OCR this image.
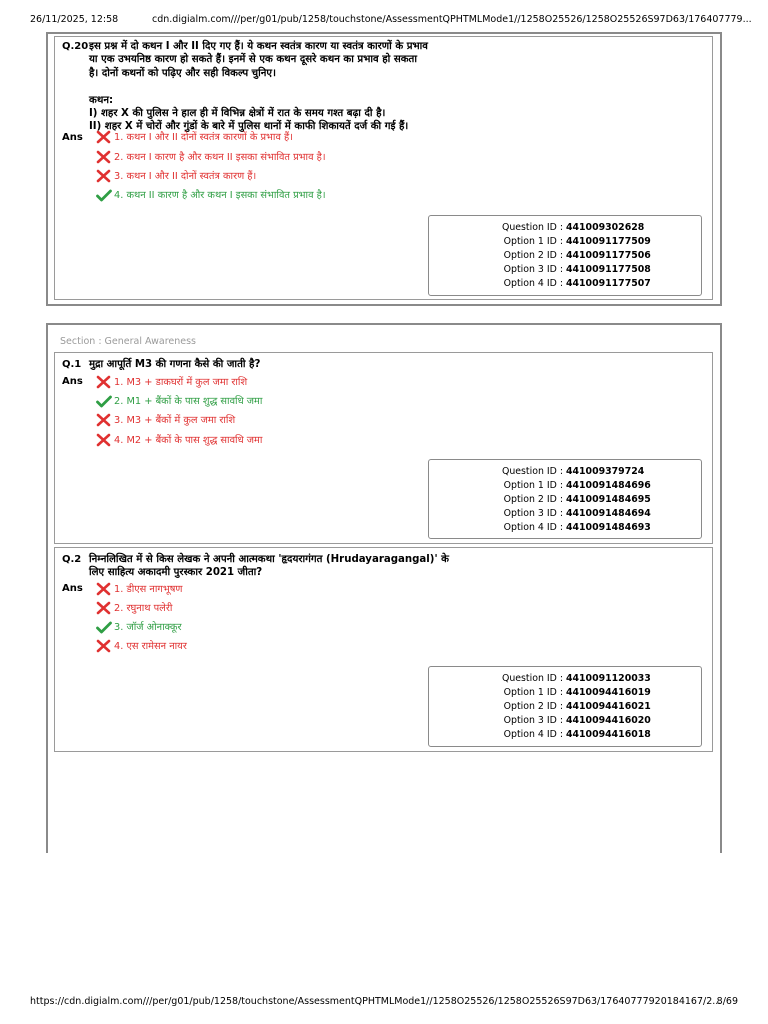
26/11/2025, 12:58	cdn.digialm.com///per/g01/pub/1258/touchstone/AssessmentQPHTMLMode1//1258O25526/1258O25526S97D63/176407779...
Q.20 इस प्रश्न में दो कथन I और II दिए गए हैं। ये कथन स्वतंत्र कारण या स्वतंत्र कारणों के प्रभाव
या एक उभयनिष्ठ कारण हो सकते हैं। इनमें से एक कथन दूसरे कथन का प्रभाव हो सकता
है। दोनों कथनों को पढ़िए और सही विकल्प चुनिए।
कथन:
I) शहर X की पुलिस ने हाल ही में विभिन्न क्षेत्रों में रात के समय गश्त बढ़ा दी है।
II) शहर X में चोरों और गुंडों के बारे में पुलिस थानों में काफी शिकायतें दर्ज की गई हैं।
Ans	1. कथन I और II दोनों स्वतंत्र कारणों के प्रभाव हैं।
2. कथन I कारण है और कथन II इसका संभावित प्रभाव है।
3. कथन I और II दोनों स्वतंत्र कारण हैं।
4. कथन II कारण है और कथन I इसका संभावित प्रभाव है।
Question ID : 441009302628
Option 1 ID : 4410091177509
Option 2 ID : 4410091177506
Option 3 ID : 4410091177508
Option 4 ID : 4410091177507
Section : General Awareness
Q.1 मुद्रा आपूर्ति M3 की गणना कैसे की जाती है?
Ans	1. M3 + डाकघरों में कुल जमा राशि
2. M1 + बैंकों के पास शुद्ध सावधि जमा
3. M3 + बैंकों में कुल जमा राशि
4. M2 + बैंकों के पास शुद्ध सावधि जमा
Question ID : 441009379724
Option 1 ID : 4410091484696
Option 2 ID : 4410091484695
Option 3 ID : 4410091484694
Option 4 ID : 4410091484693
Q.2 निम्नलिखित में से किस लेखक ने अपनी आत्मकथा 'हृदयरागंगत (Hrudayaragangal)' के
लिए साहित्य अकादमी पुरस्कार 2021 जीता?
Ans	1. डीएस नागभूषण
2. रघुनाथ पलेरी
3. जॉर्ज ओनाक्कूर
4. एस रामेसन नायर
Question ID : 4410091120033
Option 1 ID : 4410094416019
Option 2 ID : 4410094416021
Option 3 ID : 4410094416020
Option 4 ID : 4410094416018
https://cdn.digialm.com///per/g01/pub/1258/touchstone/AssessmentQPHTMLMode1//1258O25526/1258O25526S97D63/17640777920184167/2...
8/69
